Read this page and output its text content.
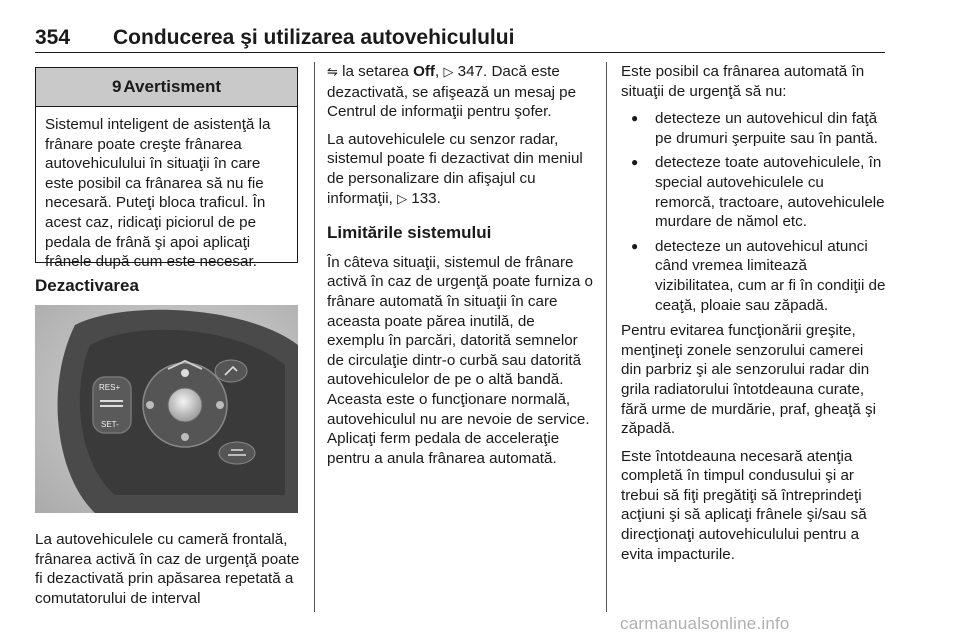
354 Conducerea şi utilizarea autovehiculului
9 Avertisment
Sistemul inteligent de asistenţă la frânare poate creşte frânarea autovehiculului în situaţii în care este posibil ca frânarea să nu fie necesară. Puteţi bloca traficul. În acest caz, ridicaţi piciorul de pe pedala de frână şi apoi aplicaţi frânele după cum este necesar.
Dezactivarea
RES+
SET-
La autovehiculele cu cameră frontală, frânarea activă în caz de urgenţă poate fi dezactivată prin apăsarea repetată a comutatorului de interval

⇋ la setarea Off, ▷ 347. Dacă este dezactivată, se afişează un mesaj pe Centrul de informaţii pentru şofer.

La autovehiculele cu senzor radar, sistemul poate fi dezactivat din meniul de personalizare din afişajul cu informaţii, ▷ 133.

Limitările sistemului

În câteva situaţii, sistemul de frânare activă în caz de urgenţă poate furniza o frânare automată în situaţii în care aceasta poate părea inutilă, de exemplu în parcări, datorită semnelor de circulaţie dintr-o curbă sau datorită autovehiculelor de pe o altă bandă. Aceasta este o funcţionare normală, autovehiculul nu are nevoie de service. Aplicaţi ferm pedala de acceleraţie pentru a anula frânarea automată.

Este posibil ca frânarea automată în situaţii de urgenţă să nu:

● detecteze un autovehicul din faţă pe drumuri şerpuite sau în pantă.
● detecteze toate autovehiculele, în special autovehiculele cu remorcă, tractoare, autovehiculele murdare de nămol etc.
● detecteze un autovehicul atunci când vremea limitează vizibilitatea, cum ar fi în condiţii de ceaţă, ploaie sau zăpadă.

Pentru evitarea funcţionării greşite, menţineţi zonele senzorului camerei din parbriz şi ale senzorului radar din grila radiatorului întotdeauna curate, fără urme de murdărie, praf, gheaţă şi zăpadă.

Este întotdeauna necesară atenţia completă în timpul condusului şi ar trebui să fiţi pregătiţi să întreprindeţi acţiuni şi să aplicaţi frânele şi/sau să direcţionaţi autovehiculului pentru a evita impacturile.

carmanualsonline.info
